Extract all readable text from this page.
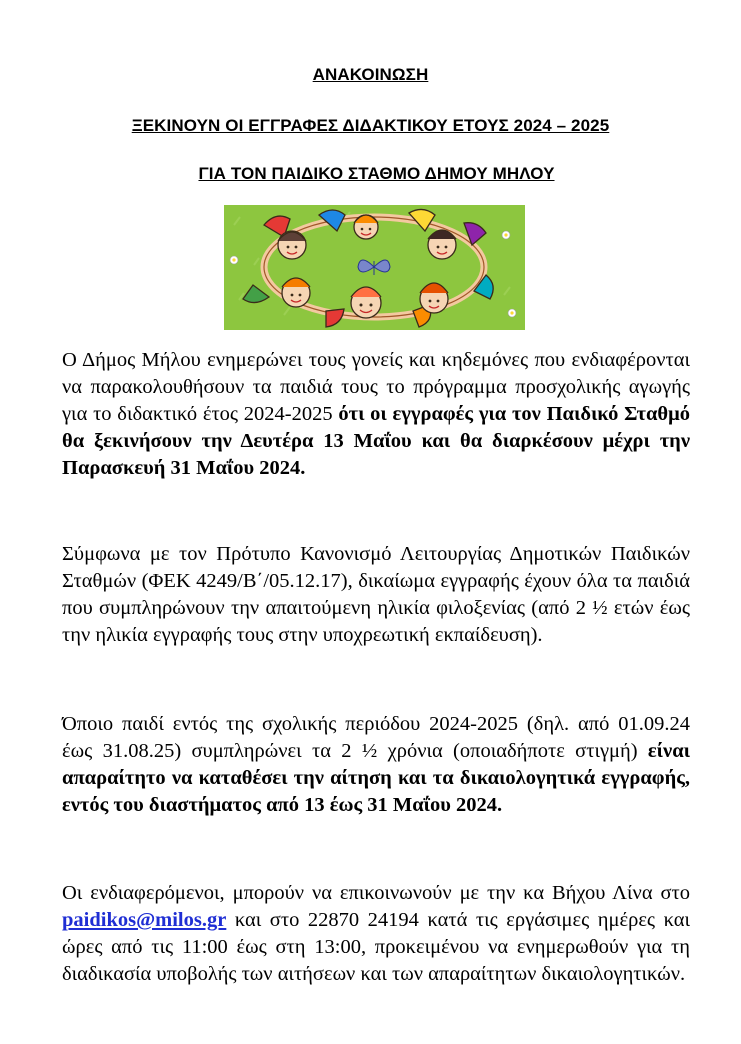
ΑΝΑΚΟΙΝΩΣΗ
ΞΕΚΙΝΟΥΝ ΟΙ ΕΓΓΡΑΦΕΣ ΔΙΔΑΚΤΙΚΟΥ ΕΤΟΥΣ 2024 – 2025
ΓΙΑ ΤΟΝ ΠΑΙΔΙΚΟ ΣΤΑΘΜΟ ΔΗΜΟΥ ΜΗΛΟΥ

Ο Δήμος Μήλου ενημερώνει τους γονείς και κηδεμόνες που ενδιαφέρονται να παρακολουθήσουν τα παιδιά τους το πρόγραμμα προσχολικής αγωγής για το διδακτικό έτος 2024-2025 ότι οι εγγραφές για τον Παιδικό Σταθμό θα ξεκινήσουν την Δευτέρα 13 Μαΐου και θα διαρκέσουν μέχρι την Παρασκευή 31 Μαΐου 2024.

Σύμφωνα με τον Πρότυπο Κανονισμό Λειτουργίας Δημοτικών Παιδικών Σταθμών (ΦΕΚ 4249/Β΄/05.12.17), δικαίωμα εγγραφής έχουν όλα τα παιδιά που συμπληρώνουν την απαιτούμενη ηλικία φιλοξενίας (από 2 ½ ετών έως την ηλικία εγγραφής τους στην υποχρεωτική εκπαίδευση).

Όποιο παιδί εντός της σχολικής περιόδου 2024-2025 (δηλ. από 01.09.24 έως 31.08.25) συμπληρώνει τα 2 ½ χρόνια (οποιαδήποτε στιγμή) είναι απαραίτητο να καταθέσει την αίτηση και τα δικαιολογητικά εγγραφής, εντός του διαστήματος από 13 έως 31 Μαΐου 2024.

Οι ενδιαφερόμενοι, μπορούν να επικοινωνούν με την κα Βήχου Λίνα στο paidikos@milos.gr και στο 22870 24194 κατά τις εργάσιμες ημέρες και ώρες από τις 11:00 έως στη 13:00, προκειμένου να ενημερωθούν για τη διαδικασία υποβολής των αιτήσεων και των απαραίτητων δικαιολογητικών.
